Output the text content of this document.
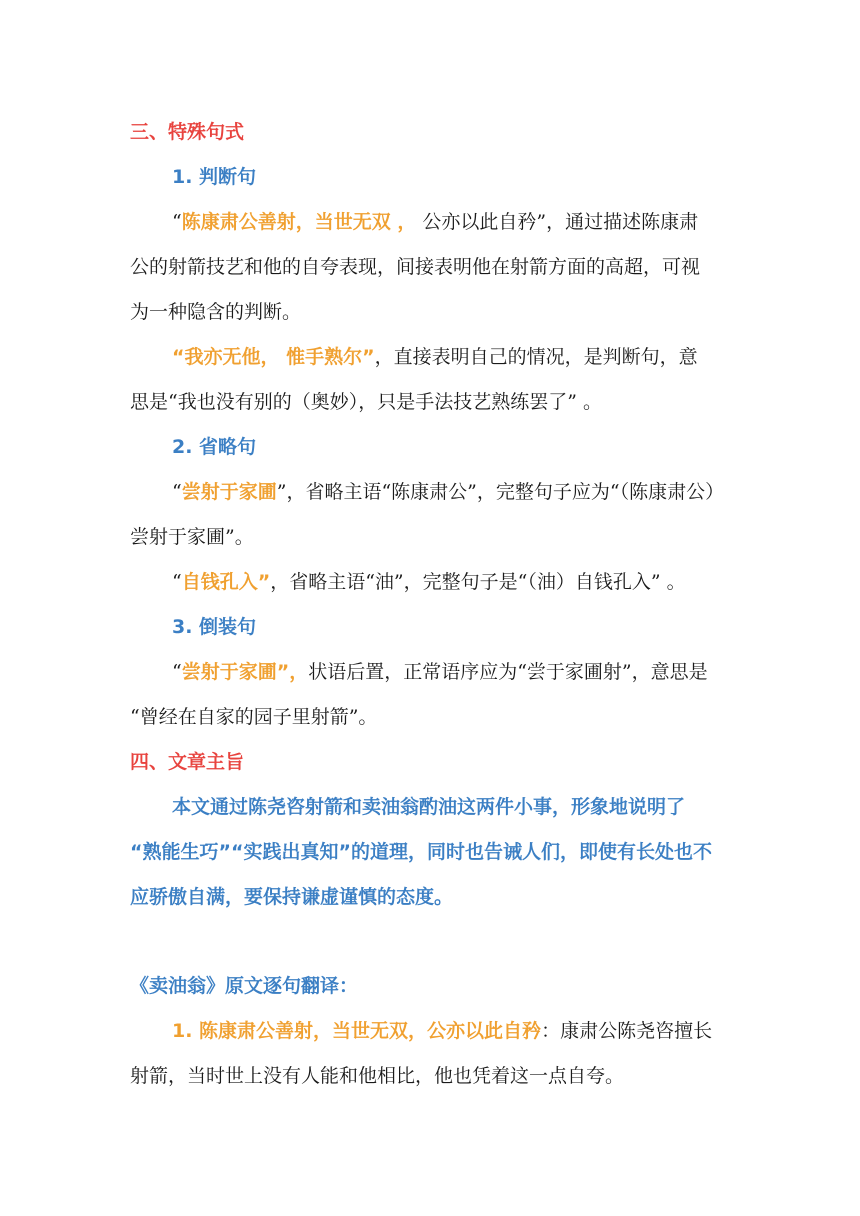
三、特殊句式

1. 判断句

“陈康肃公善射，当世无双 ， 公亦以此自矜”，通过描述陈康肃

公的射箭技艺和他的自夸表现，间接表明他在射箭方面的高超，可视

为一种隐含的判断。

“我亦无他， 惟手熟尔”，直接表明自己的情况，是判断句，意

思是“我也没有别的（奥妙），只是手法技艺熟练罢了” 。

2. 省略句

“尝射于家圃”，省略主语“陈康肃公”，完整句子应为“（陈康肃公）

尝射于家圃”。

“自钱孔入”，省略主语“油”，完整句子是“（油）自钱孔入” 。

3. 倒装句

“尝射于家圃”，状语后置，正常语序应为“尝于家圃射”，意思是

“曾经在自家的园子里射箭”。

四、文章主旨

本文通过陈尧咨射箭和卖油翁酌油这两件小事，形象地说明了

“熟能生巧”“实践出真知”的道理，同时也告诫人们，即使有长处也不

应骄傲自满，要保持谦虚谨慎的态度。

《卖油翁》原文逐句翻译：

1. 陈康肃公善射，当世无双，公亦以此自矜：康肃公陈尧咨擅长

射箭，当时世上没有人能和他相比，他也凭着这一点自夸。
